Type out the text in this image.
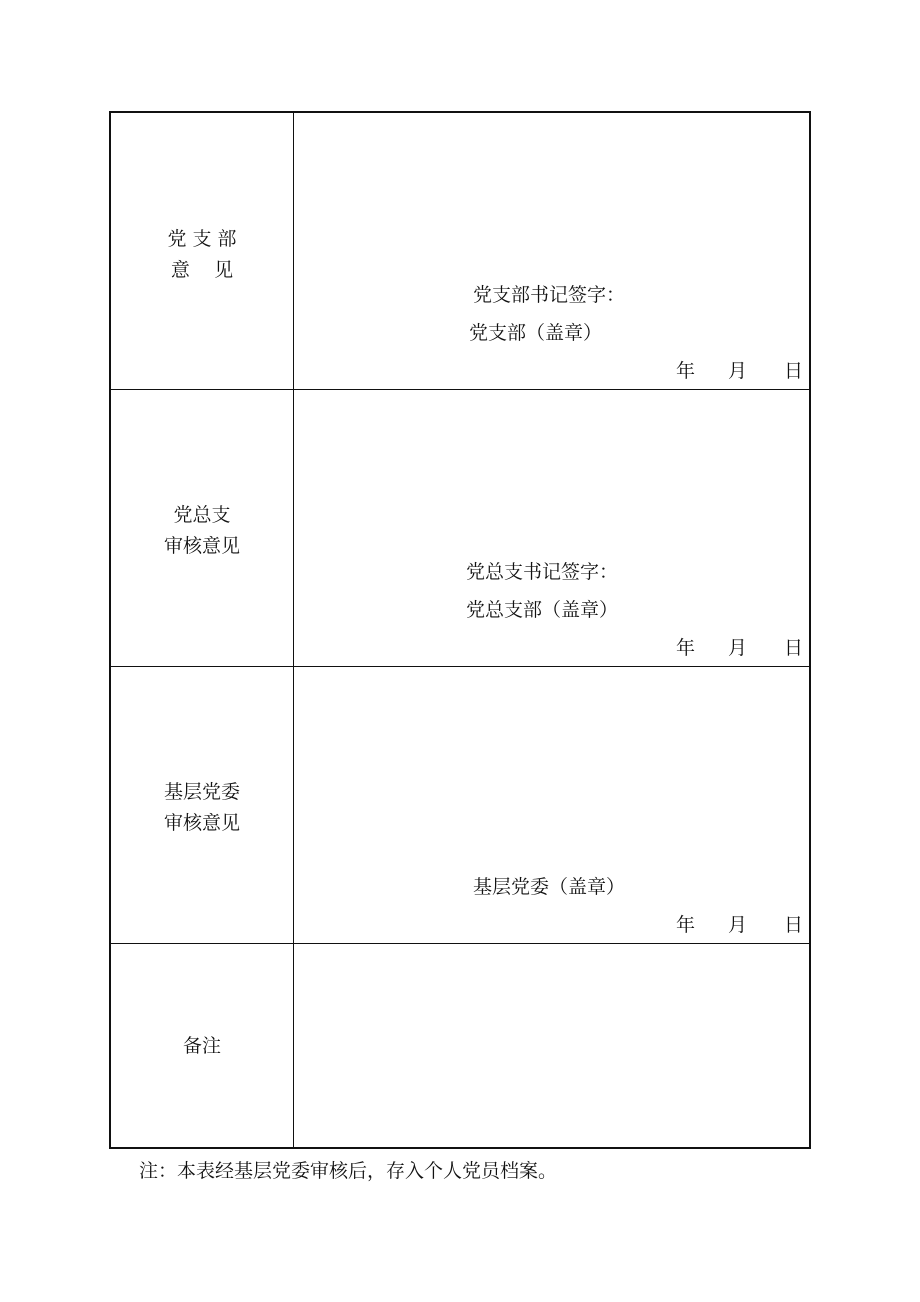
党 支 部
意    见
党支部书记签字：
党支部（盖章）
年 月 日
党总支
审核意见
党总支书记签字：
党总支部（盖章）
年 月 日
基层党委
审核意见
基层党委（盖章）
年 月 日
备注
注：本表经基层党委审核后，存入个人党员档案。
